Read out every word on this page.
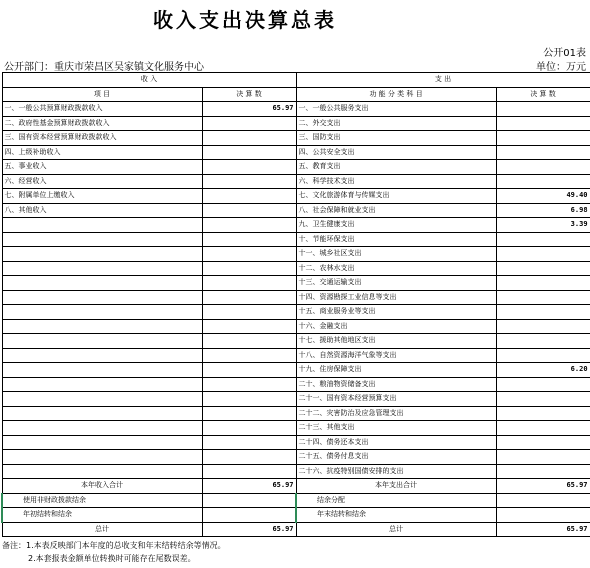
收入支出决算总表
公开01表
公开部门：重庆市荣昌区吴家镇文化服务中心	单位：万元
收 入		支 出	
项 目	决 算 数	功 能 分 类 科 目	决 算 数
一、一般公共预算财政拨款收入	65.97	一、一般公共服务支出	
二、政府性基金预算财政拨款收入		二、外交支出	
三、国有资本经营预算财政拨款收入		三、国防支出	
四、上级补助收入		四、公共安全支出	
五、事业收入		五、教育支出	
六、经营收入		六、科学技术支出	
七、附属单位上缴收入		七、文化旅游体育与传媒支出	49.40
八、其他收入		八、社会保障和就业支出	6.98
		九、卫生健康支出	3.39
		十、节能环保支出	
		十一、城乡社区支出	
		十二、农林水支出	
		十三、交通运输支出	
		十四、资源勘探工业信息等支出	
		十五、商业服务业等支出	
		十六、金融支出	
		十七、援助其他地区支出	
		十八、自然资源海洋气象等支出	
		十九、住房保障支出	6.20
		二十、粮油物资储备支出	
		二十一、国有资本经营预算支出	
		二十二、灾害防治及应急管理支出	
		二十三、其他支出	
		二十四、债务还本支出	
		二十五、债务付息支出	
		二十六、抗疫特别国债安排的支出	
本年收入合计	65.97	本年支出合计	65.97
使用非财政拨款结余		结余分配	
年初结转和结余		年末结转和结余	
总计	65.97	总计	65.97
备注：1.本表反映部门本年度的总收支和年末结转结余等情况。
2.本套报表金额单位转换时可能存在尾数误差。
